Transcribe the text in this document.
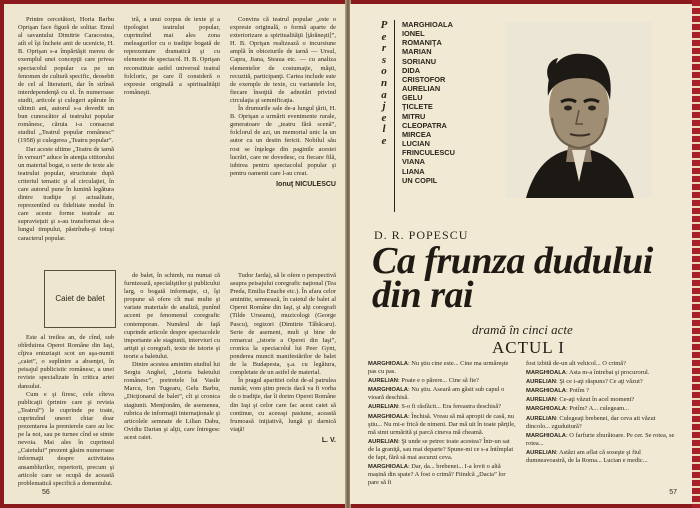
Printre cercetători, Horia Barbu Oprişan face figură de solitar. Emul al savantului Dimitrie Caracostea, atît el îşi încheie anii de ucenicie, H. B. Oprişan s-a împărtăşit mereu de exemplul unei concepţii care privea spectacolul popular ca pe un fenomen de cultură specific, deosebit de cel al literaturii, dar în strînsă interdependenţă cu el. În numeroase studii, articole şi culegeri apărute în ultimii ani, autorul s-a dovedit un bun cunoscător al teatrului popular românesc, căruia i-a consacrat studiul „Teatrul popular românesc” (1958) şi culegerea „Teatru popular”.

Dar aceste ultime „Teatru de iarnă în versuri” aduce în atenţia cititorului un material bogat, o serie de texte ale teatrului popular, structurate după criteriul tematic şi al circulaţiei, în care autorul pune în lumină legătura dintre tradiţie şi actualitate, reprezentînd cu fidelitate modul în care aceste forme teatrale au supravieţuit şi s-au transformat de-a lungul timpului, păstrîndu-şi totuşi caracterul popular.

tră, a unui corpus de texte şi a tipologiei teatrului popular, cuprinzînd mai ales zona meleagurilor cu o tradiţie bogată de reprezentare dramatică şi cu elemente de spectacol. H. B. Oprişan reconstituie astfel universul teatral folcloric, pe care îl consideră o expresie originală a spiritualităţii româneşti.

Convins că teatrul popular „este o expresie originală, o formă aparte de exteriorizare a spiritualităţii [ţărăneşti]”, H. B. Oprişan realizează o incursiune amplă în obiceiurile de iarnă — Ursul, Capra, Jiana, Steaua etc. — cu analiza elementelor de costumaţie, măşti, recuzită, participanţi. Cartea include sute de exemple de texte, cu variantele lor, fiecare însoţită de adnotări privind circulaţia şi semnificaţia.

În drumurile sale de-a lungul ţării, H. B. Oprişan a urmărit evenimente rurale, generatoare de „teatru fără scenă”, folclorul de azi, un memorial unic la un autor cu un destin fericit. Nobilul său rost se înţelege din paginile acestei lucrări, care ne dovedesc, cu fiecare filă, iubirea pentru spectacolul popular şi pentru oamenii care l-au creat.

Ionuţ NICULESCU
Caiet de balet

Este al treilea an, de cînd, sub obîrduirea Operei Române din Iaşi, cîţiva entuziaşti scot un aşa-numit „caiet”, o suplinire a absenţei, în peisajul publicistic românesc, a unei reviste specializate în critica artei dansului.

Cum e şi firesc, cele cîteva publicaţii (printre care şi revista „Teatrul”) le cuprinde pe toate, cuprinzînd uneori chiar doar prezentarea la premierele care au loc pe la noi, sau pe turnee cînd se simte nevoia. Mai ales în cuprinsul „Caietului” prezent găsim numeroase informaţii despre activitatea ansamblurilor, repertorii, precum şi articole care se ocupă de această problematică specifică a domeniului.

de balet, în schimb, nu numai că furnizează, specialiştilor şi publicului larg, o bogată informaţie, ci, îşi propune să ofere cît mai multe şi variate materiale de analiză, punînd accent pe fenomenul coregrafic contemporan. Numărul de faţă cuprinde articole despre spectacolele importante ale stagiunii, interviuri cu artişti şi coregrafi, texte de istorie şi teorie a baletului.

Dintre acestea amintim studiul lui Sergiu Anghel, „Istoria baletului românesc”, portretele lui Vasile Marcu, Ion Tugearu, Gelu Barbu, „Dicţionarul de balet”, cît şi cronica stagiunii. Menţionăm, de asemenea, rubrica de informaţii internaţionale şi articolele semnate de Lilian Dabu, Ovidiu Darian şi alţii, care întregesc acest caiet.

Tudor Jarda), să le ofere o perspectivă asupra peisajului coregrafic naţional (Tea Preda, Emilia Enache etc.). În afara celor amintite, semnează, în caietul de balet al Operei Române din Iaşi, şi alţi coregrafi (Tilde Urseanu), muzicologi (George Pascu), regizori (Dimitrie Tăbăcaru). Serie de asemeni, mult şi bine de remarcat „istorie a Operei din Iaşi”, cronica la spectacolul lui Peer Gynt, ponderea muncii manifestărilor de balet de la Budapesta, ş.a. cu legătura, completate de un astfel de material.

În pragul aparitiei celui de-al patrulea număr, vom ştim precis dacă va fi vorba de o tradiţie, dar îi dorim Operei Române din Iaşi şi celor care fac acest caiet să continue, cu aceeaşi pasiune, această frumoasă iniţiativă, lungă şi darnică viaţă!

L. V.
56
P
e
r
s
o
n
a
j
e
l
e
MARGHIOALA
IONEL
ROMANIŢA
MARIAN
SORIANU
DIDA
CRISTOFOR
AURELIAN
GELU
ŢICLETE
MITRU
CLEOPATRA
MIRCEA
LUCIAN
FRINCULESCU
VIANA
LIANA
UN COPIL
D. R. POPESCU
Ca frunza dudului din rai
dramă în cinci acte
ACTUL I
MARGHIOALA: Nu ştiu cine este... Cine ma urmăreşte pas cu pas.
AURELIAN: Poate e o părere... Cine să fie?
MARGHIOALA: Nu ştiu. Aseară am găsit sub capul o vioară deschisă.
AURELIAN: S-o fi răsfăcit... Era fereastra deschisă?
MARGHIOALA: Închisă. Vreau să mă apropii de casă, nu ştiu... Nu mi-e frică de nimeni. Dar mă uit în toate părţile, mă simt urmărită şi parcă cineva mă cheamă.
AURELIAN: Şi unde se petrec toate acestea? Într-un sat de la graniţă, sau mai departe? Spune-mi ce s-a întîmplat de fapt, fără să mai ascunzi ceva.
MARGHIOALA: Dar, da... brebenei... I-a lovit o altă mașină din spate? A fost o crimă? Fiindcă „Dacia” lor pare să fi
fost izbită de-un alt vehicol... O crimă?
MARGHIOALA: Asta m-a întrebat şi procurorul.
AURELIAN: Şi ce i-aţi răspuns? Ce aţi văzut?
MARGHIOALA: Potîm ?
AURELIAN: Ce-aţi văzut în acel moment?
MARGHIOALA: Potîm? A... culegeam...
AURELIAN: Culegeaţi brebenei, dar ceva ati văzut dincolo... zguduitură?
MARGHIOALA: O farfurie zburătoare. Pe cer. Se rotea, se rotea...
AURELIAN: Astăzi am aflat că soseşte şi fiul dumneavoastră, de la Roma... Lucian e medic...
57
